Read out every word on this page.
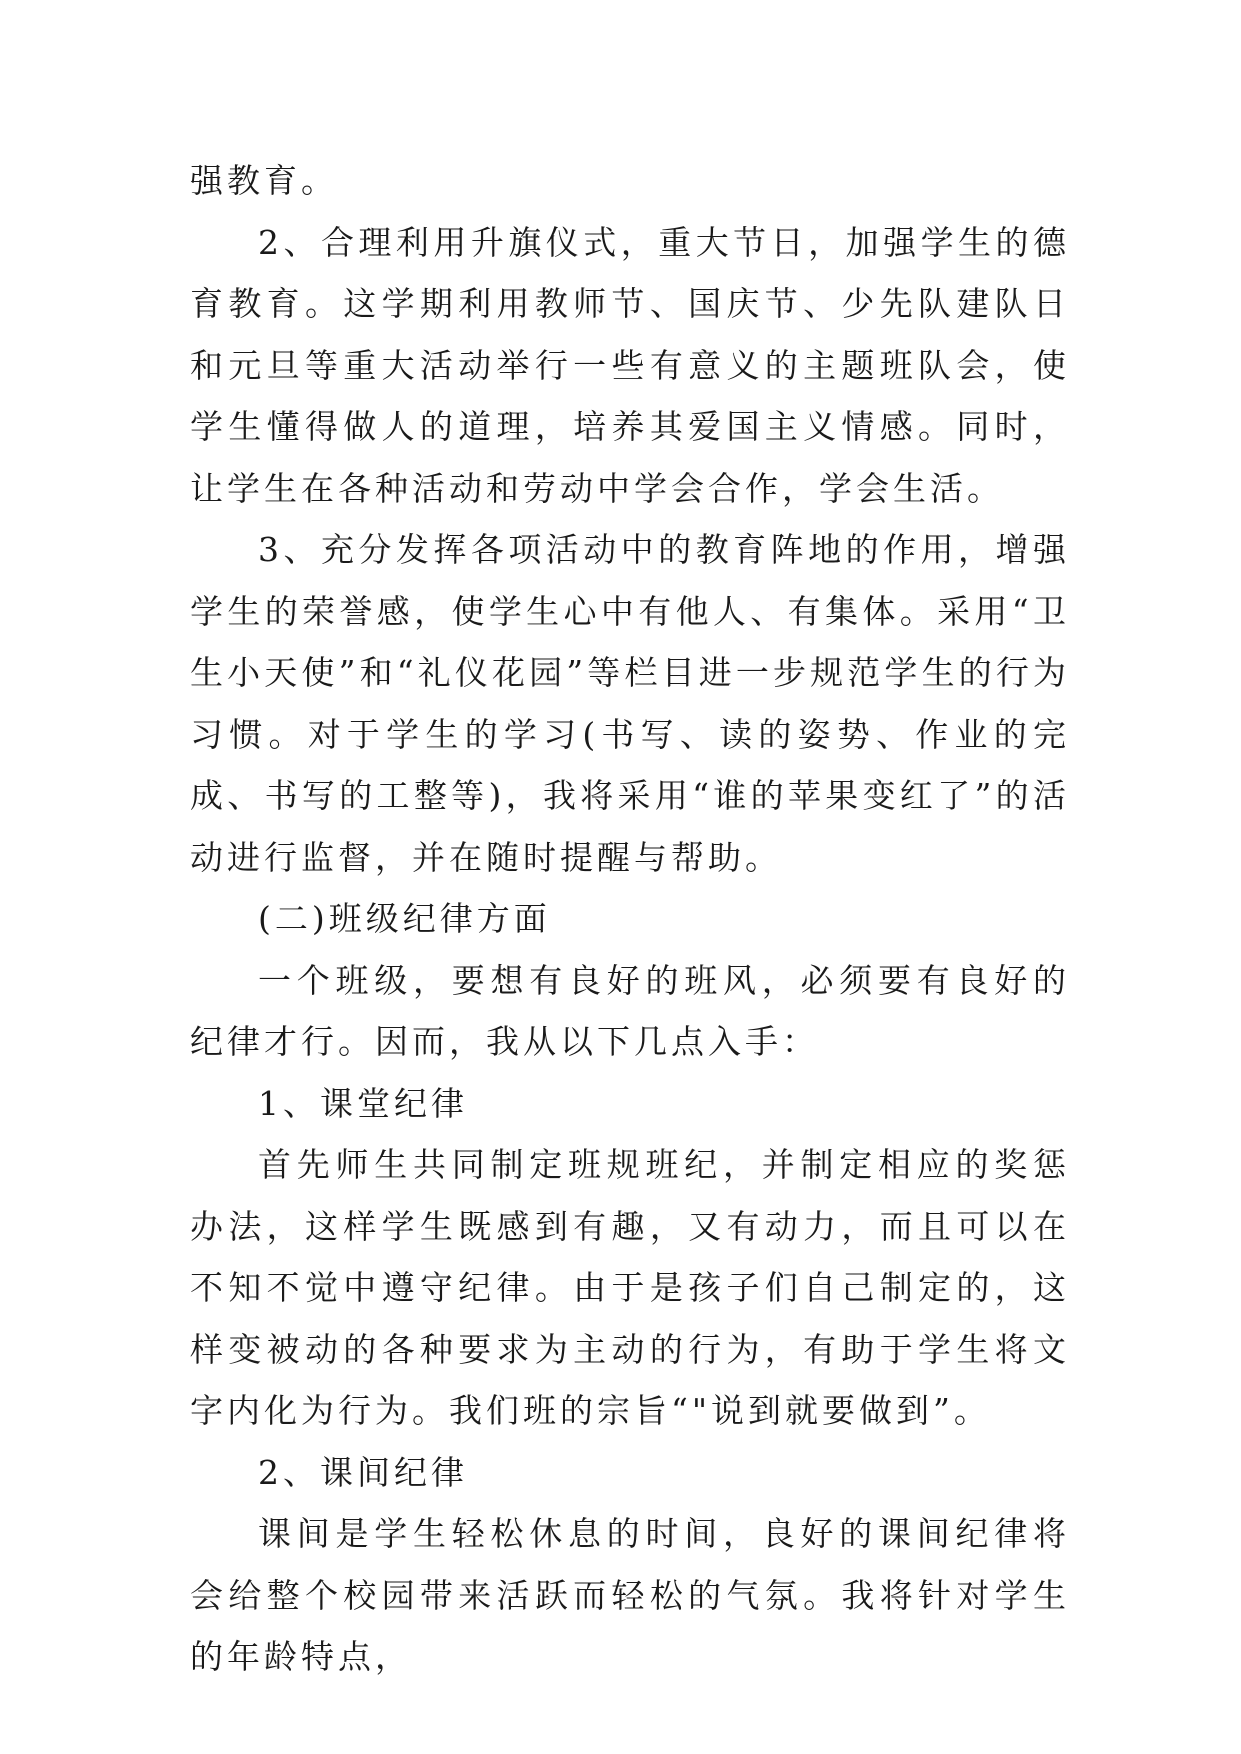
强教育。

2、合理利用升旗仪式，重大节日，加强学生的德育教育。这学期利用教师节、国庆节、少先队建队日和元旦等重大活动举行一些有意义的主题班队会，使学生懂得做人的道理，培养其爱国主义情感。同时，让学生在各种活动和劳动中学会合作，学会生活。

3、充分发挥各项活动中的教育阵地的作用，增强学生的荣誉感，使学生心中有他人、有集体。采用“卫生小天使”和“礼仪花园”等栏目进一步规范学生的行为习惯。对于学生的学习(书写、读的姿势、作业的完成、书写的工整等)，我将采用“谁的苹果变红了”的活动进行监督，并在随时提醒与帮助。

(二)班级纪律方面

一个班级，要想有良好的班风，必须要有良好的纪律才行。因而，我从以下几点入手：

1、课堂纪律

首先师生共同制定班规班纪，并制定相应的奖惩办法，这样学生既感到有趣，又有动力，而且可以在不知不觉中遵守纪律。由于是孩子们自己制定的，这样变被动的各种要求为主动的行为，有助于学生将文字内化为行为。我们班的宗旨“"说到就要做到”。

2、课间纪律

课间是学生轻松休息的时间，良好的课间纪律将会给整个校园带来活跃而轻松的气氛。我将针对学生的年龄特点，
